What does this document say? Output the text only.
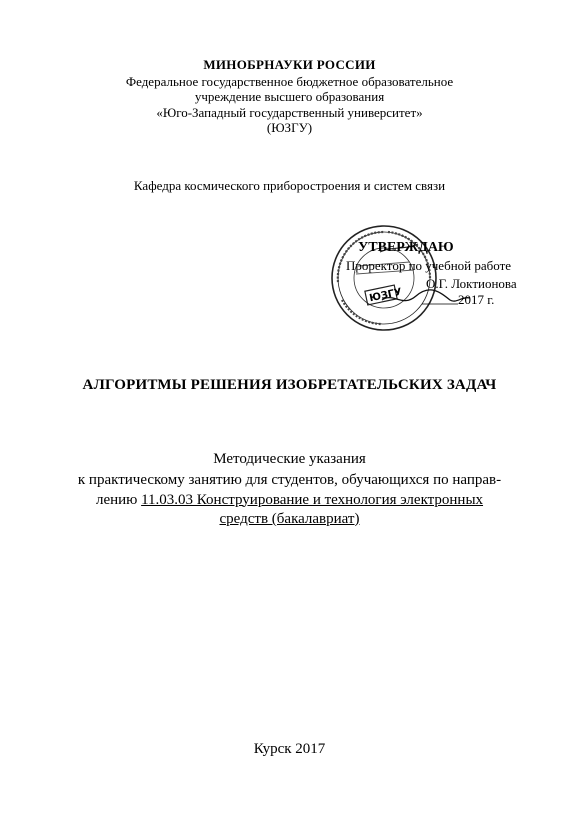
МИНОБРНАУКИ РОССИИ
Федеральное государственное бюджетное образовательное
учреждение высшего образования
«Юго-Западный государственный университет»
(ЮЗГУ)
Кафедра космического приборостроения и систем связи
ЮЗГУ
УТВЕРЖДАЮ
Проректор по учебной работе
О.Г. Локтионова
2017 г.
АЛГОРИТМЫ РЕШЕНИЯ ИЗОБРЕТАТЕЛЬСКИХ ЗАДАЧ
Методические указания
к практическому занятию для студентов, обучающихся по направ-
лению 11.03.03 Конструирование и технология электронных
средств (бакалавриат)
Курск 2017
